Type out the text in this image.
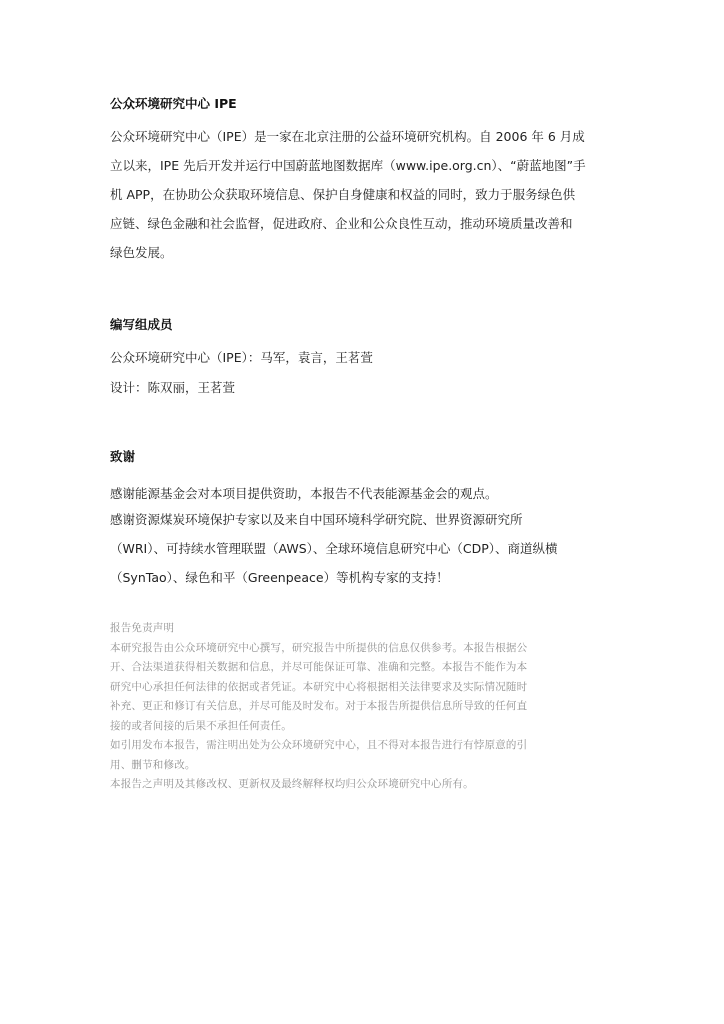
公众环境研究中心 IPE
公众环境研究中心（IPE）是一家在北京注册的公益环境研究机构。自 2006 年 6 月成
立以来，IPE 先后开发并运行中国蔚蓝地图数据库（www.ipe.org.cn）、“蔚蓝地图”手
机 APP，在协助公众获取环境信息、保护自身健康和权益的同时，致力于服务绿色供
应链、绿色金融和社会监督，促进政府、企业和公众良性互动，推动环境质量改善和
绿色发展。
编写组成员
公众环境研究中心（IPE）：马军，袁言，王茗萱
设计：陈双丽，王茗萱
致谢
感谢能源基金会对本项目提供资助，本报告不代表能源基金会的观点。
感谢资源煤炭环境保护专家以及来自中国环境科学研究院、世界资源研究所
（WRI）、可持续水管理联盟（AWS）、全球环境信息研究中心（CDP）、商道纵横
（SynTao）、绿色和平（Greenpeace）等机构专家的支持！
报告免责声明
本研究报告由公众环境研究中心撰写，研究报告中所提供的信息仅供参考。本报告根据公
开、合法渠道获得相关数据和信息，并尽可能保证可靠、准确和完整。本报告不能作为本
研究中心承担任何法律的依据或者凭证。本研究中心将根据相关法律要求及实际情况随时
补充、更正和修订有关信息，并尽可能及时发布。对于本报告所提供信息所导致的任何直
接的或者间接的后果不承担任何责任。
如引用发布本报告，需注明出处为公众环境研究中心，且不得对本报告进行有悖原意的引
用、删节和修改。
本报告之声明及其修改权、更新权及最终解释权均归公众环境研究中心所有。
